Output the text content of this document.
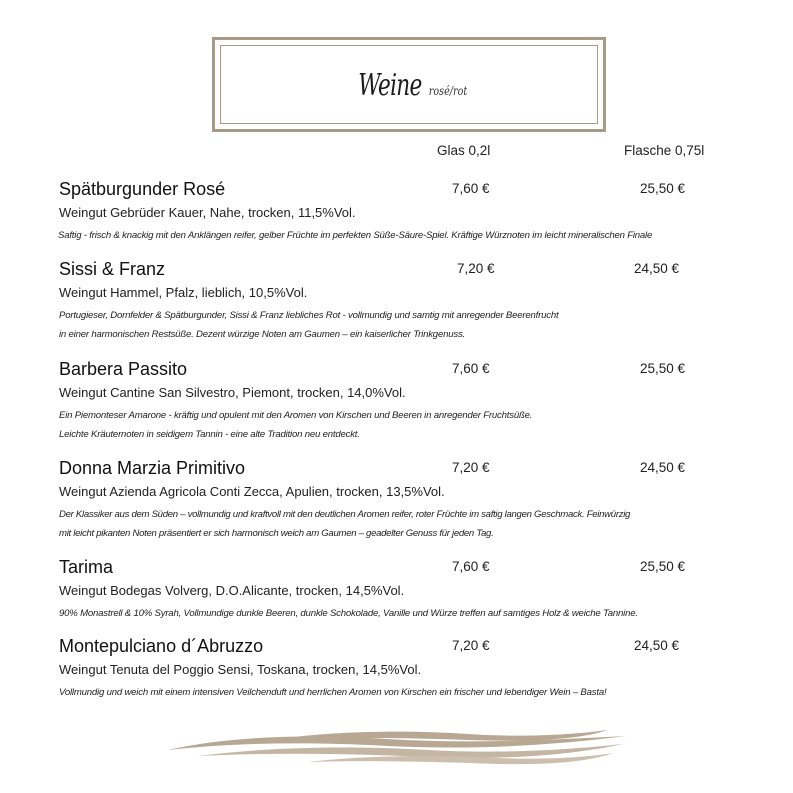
Weine rosé/rot
Glas 0,2l	Flasche 0,75l
Spätburgunder Rosé	7,60 €	25,50 €
Weingut Gebrüder Kauer, Nahe, trocken, 11,5%Vol.
Saftig - frisch & knackig mit den Anklängen reifer, gelber Früchte im perfekten Süße-Säure-Spiel. Kräftige Würznoten im leicht mineralischen Finale
Sissi & Franz	7,20 €	24,50 €
Weingut Hammel, Pfalz, lieblich, 10,5%Vol.
Portugieser, Dornfelder & Spätburgunder, Sissi & Franz liebliches Rot - vollmundig und samtig mit anregender Beerenfrucht
in einer harmonischen Restsüße. Dezent würzige Noten am Gaumen – ein kaiserlicher Trinkgenuss.
Barbera Passito	7,60 €	25,50 €
Weingut Cantine San Silvestro, Piemont, trocken, 14,0%Vol.
Ein Piemonteser Amarone - kräftig und opulent mit den Aromen von Kirschen und Beeren in anregender Fruchtsüße.
Leichte Kräuternoten in seidigem Tannin - eine alte Tradition neu entdeckt.
Donna Marzia Primitivo	7,20 €	24,50 €
Weingut Azienda Agricola Conti Zecca, Apulien, trocken, 13,5%Vol.
Der Klassiker aus dem Süden – vollmundig und kraftvoll mit den deutlichen Aromen reifer, roter Früchte im saftig langen Geschmack. Feinwürzig
mit leicht pikanten Noten präsentiert er sich harmonisch weich am Gaumen – geadelter Genuss für jeden Tag.
Tarima	7,60 €	25,50 €
Weingut Bodegas Volverg, D.O.Alicante, trocken, 14,5%Vol.
90% Monastrell & 10% Syrah, Vollmundige dunkle Beeren, dunkle Schokolade, Vanille und Würze treffen auf samtiges Holz & weiche Tannine.
Montepulciano d´Abruzzo	7,20 €	24,50 €
Weingut Tenuta del Poggio Sensi, Toskana, trocken, 14,5%Vol.
Vollmundig und weich mit einem intensiven Veilchenduft und herrlichen Aromen von Kirschen ein frischer und lebendiger Wein – Basta!
